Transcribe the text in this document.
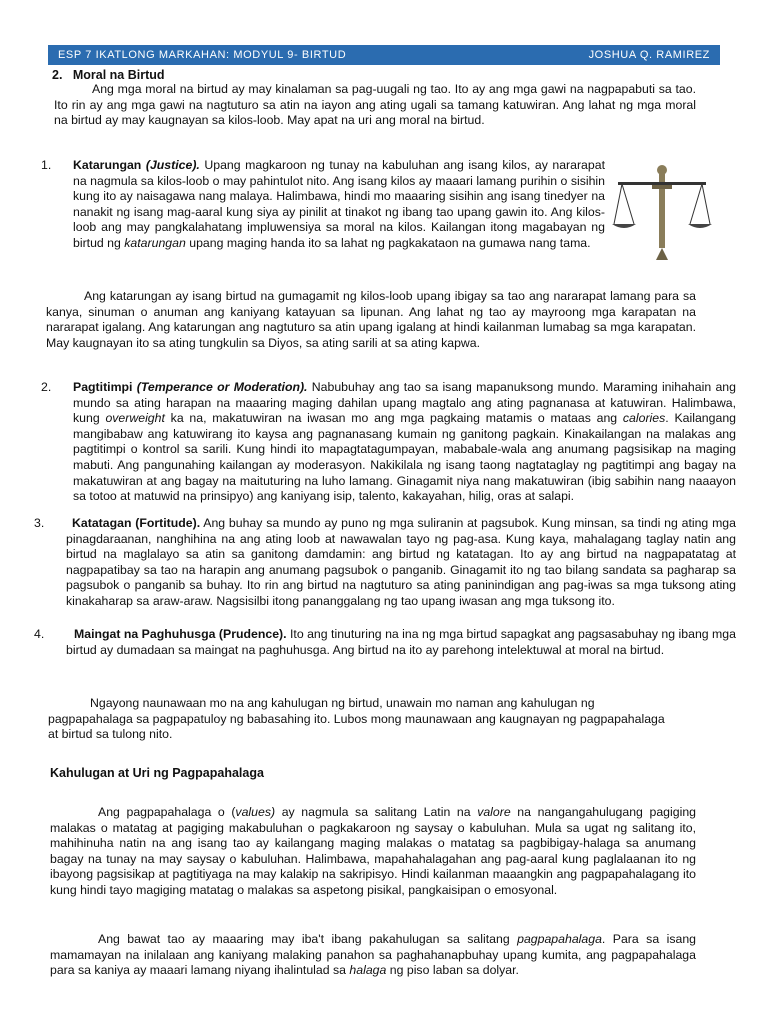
ESP 7 IKATLONG MARKAHAN: MODYUL 9- BIRTUD	JOSHUA Q. RAMIREZ
2. Moral na Birtud
Ang mga moral na birtud ay may kinalaman sa pag-uugali ng tao. Ito ay ang mga gawi na nagpapabuti sa tao. Ito rin ay ang mga gawi na nagtuturo sa atin na iayon ang ating ugali sa tamang katuwiran. Ang lahat ng mga moral na birtud ay may kaugnayan sa kilos-loob. May apat na uri ang moral na birtud.
1. Katarungan (Justice). Upang magkaroon ng tunay na kabuluhan ang isang kilos, ay nararapat na nagmula sa kilos-loob o may pahintulot nito. Ang isang kilos ay maaari lamang purihin o sisihin kung ito ay naisagawa nang malaya. Halimbawa, hindi mo maaaring sisihin ang isang tinedyer na nanakit ng isang mag-aaral kung siya ay pinilit at tinakot ng ibang tao upang gawin ito. Ang kilos-loob ang may pangkalahatang impluwensiya sa moral na kilos. Kailangan itong magabayan ng birtud ng katarungan upang maging handa ito sa lahat ng pagkakataon na gumawa nang tama.
Ang katarungan ay isang birtud na gumagamit ng kilos-loob upang ibigay sa tao ang nararapat lamang para sa kanya, sinuman o anuman ang kaniyang katayuan sa lipunan. Ang lahat ng tao ay mayroong mga karapatan na nararapat igalang. Ang katarungan ang nagtuturo sa atin upang igalang at hindi kailanman lumabag sa mga karapatan. May kaugnayan ito sa ating tungkulin sa Diyos, sa ating sarili at sa ating kapwa.
2. Pagtitimpi (Temperance or Moderation). Nabubuhay ang tao sa isang mapanuksong mundo. Maraming inihahain ang mundo sa ating harapan na maaaring maging dahilan upang magtalo ang ating pagnanasa at katuwiran. Halimbawa, kung overweight ka na, makatuwiran na iwasan mo ang mga pagkaing matamis o mataas ang calories. Kailangang mangibabaw ang katuwirang ito kaysa ang pagnanasang kumain ng ganitong pagkain. Kinakailangan na malakas ang pagtitimpi o kontrol sa sarili. Kung hindi ito mapagtatagumpayan, mababale-wala ang anumang pagsisikap na maging mabuti. Ang pangunahing kailangan ay moderasyon. Nakikilala ng isang taong nagtataglay ng pagtitimpi ang bagay na makatuwiran at ang bagay na maituturing na luho lamang. Ginagamit niya nang makatuwiran (ibig sabihin nang naaayon sa totoo at matuwid na prinsipyo) ang kaniyang isip, talento, kakayahan, hilig, oras at salapi.
3. Katatagan (Fortitude). Ang buhay sa mundo ay puno ng mga suliranin at pagsubok. Kung minsan, sa tindi ng ating mga pinagdaraanan, nanghihina na ang ating loob at nawawalan tayo ng pag-asa. Kung kaya, mahalagang taglay natin ang birtud na maglalayo sa atin sa ganitong damdamin: ang birtud ng katatagan. Ito ay ang birtud na nagpapatatag at nagpapatibay sa tao na harapin ang anumang pagsubok o panganib. Ginagamit ito ng tao bilang sandata sa pagharap sa pagsubok o panganib sa buhay. Ito rin ang birtud na nagtuturo sa ating paninindigan ang pag-iwas sa mga tuksong ating kinakaharap sa araw-araw. Nagsisilbi itong pananggalang ng tao upang iwasan ang mga tuksong ito.
4. Maingat na Paghuhusga (Prudence). Ito ang tinuturing na ina ng mga birtud sapagkat ang pagsasabuhay ng ibang mga birtud ay dumadaan sa maingat na paghuhusga. Ang birtud na ito ay parehong intelektuwal at moral na birtud.
Ngayong naunawaan mo na ang kahulugan ng birtud, unawain mo naman ang kahulugan ng pagpapahalaga sa pagpapatuloy ng babasahing ito. Lubos mong maunawaan ang kaugnayan ng pagpapahalaga at birtud sa tulong nito.
Kahulugan at Uri ng Pagpapahalaga
Ang pagpapahalaga o (values) ay nagmula sa salitang Latin na valore na nangangahulugang pagiging malakas o matatag at pagiging makabuluhan o pagkakaroon ng saysay o kabuluhan. Mula sa ugat ng salitang ito, mahihinuha natin na ang isang tao ay kailangang maging malakas o matatag sa pagbibigay-halaga sa anumang bagay na tunay na may saysay o kabuluhan. Halimbawa, mapahahalagahan ang pag-aaral kung paglalaanan ito ng ibayong pagsisikap at pagtitiyaga na may kalakip na sakripisyo. Hindi kailanman maaangkin ang pagpapahalagang ito kung hindi tayo magiging matatag o malakas sa aspetong pisikal, pangkaisipan o emosyonal.
Ang bawat tao ay maaaring may iba't ibang pakahulugan sa salitang pagpapahalaga. Para sa isang mamamayan na inilalaan ang kaniyang malaking panahon sa paghahanapbuhay upang kumita, ang pagpapahalaga para sa kaniya ay maaari lamang niyang ihalintulad sa halaga ng piso laban sa dolyar.
